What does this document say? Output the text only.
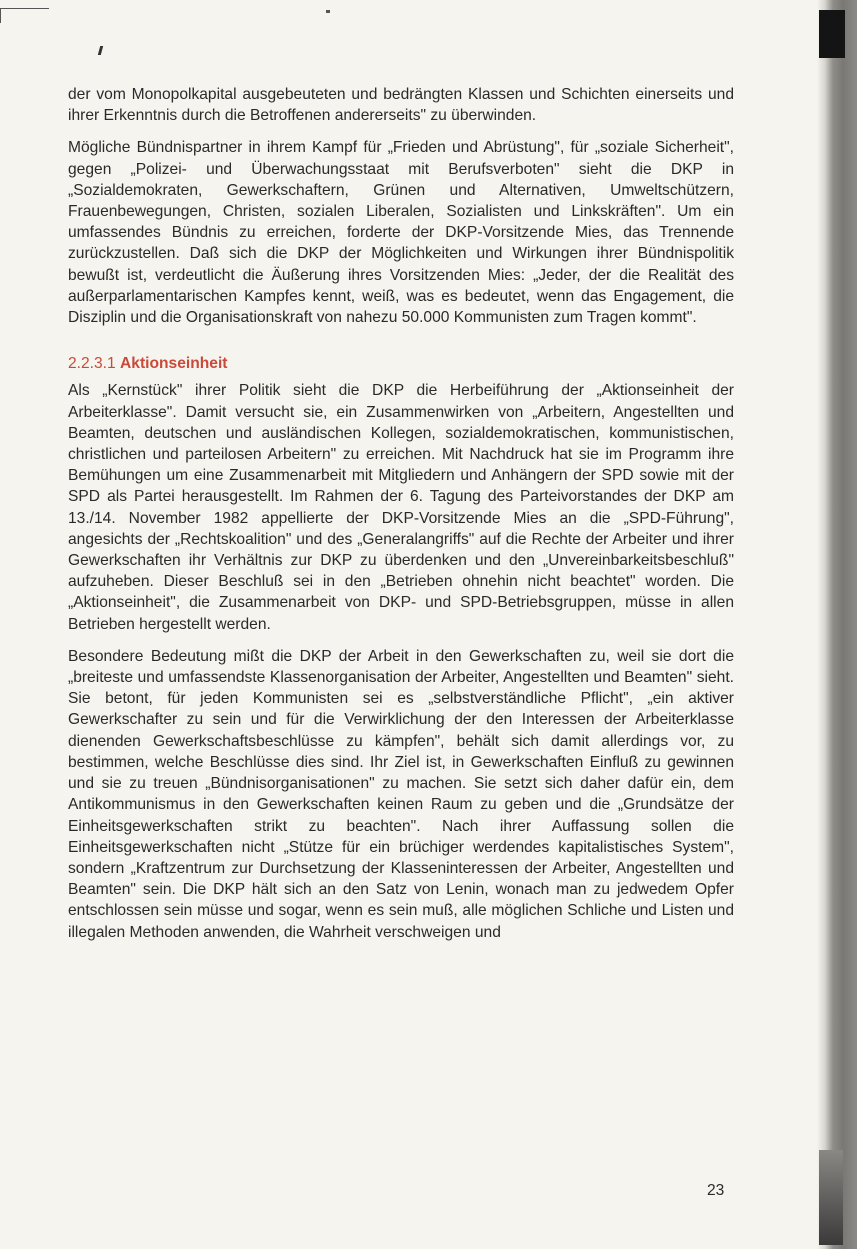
der vom Monopolkapital ausgebeuteten und bedrängten Klassen und Schichten einerseits und ihrer Erkenntnis durch die Betroffenen andererseits" zu überwinden.

Mögliche Bündnispartner in ihrem Kampf für „Frieden und Abrüstung", für „soziale Sicherheit", gegen „Polizei- und Überwachungsstaat mit Berufsverboten" sieht die DKP in „Sozialdemokraten, Gewerkschaftern, Grünen und Alternativen, Umweltschützern, Frauenbewegungen, Christen, sozialen Liberalen, Sozialisten und Linkskräften". Um ein umfassendes Bündnis zu erreichen, forderte der DKP-Vorsitzende Mies, das Trennende zurückzustellen. Daß sich die DKP der Möglichkeiten und Wirkungen ihrer Bündnispolitik bewußt ist, verdeutlicht die Äußerung ihres Vorsitzenden Mies: „Jeder, der die Realität des außerparlamentarischen Kampfes kennt, weiß, was es bedeutet, wenn das Engagement, die Disziplin und die Organisationskraft von nahezu 50.000 Kommunisten zum Tragen kommt".

2.2.3.1 Aktionseinheit

Als „Kernstück" ihrer Politik sieht die DKP die Herbeiführung der „Aktionseinheit der Arbeiterklasse". Damit versucht sie, ein Zusammenwirken von „Arbeitern, Angestellten und Beamten, deutschen und ausländischen Kollegen, sozialdemokratischen, kommunistischen, christlichen und parteilosen Arbeitern" zu erreichen. Mit Nachdruck hat sie im Programm ihre Bemühungen um eine Zusammenarbeit mit Mitgliedern und Anhängern der SPD sowie mit der SPD als Partei herausgestellt. Im Rahmen der 6. Tagung des Parteivorstandes der DKP am 13./14. November 1982 appellierte der DKP-Vorsitzende Mies an die „SPD-Führung", angesichts der „Rechtskoalition" und des „Generalangriffs" auf die Rechte der Arbeiter und ihrer Gewerkschaften ihr Verhältnis zur DKP zu überdenken und den „Unvereinbarkeitsbeschluß" aufzuheben. Dieser Beschluß sei in den „Betrieben ohnehin nicht beachtet" worden. Die „Aktionseinheit", die Zusammenarbeit von DKP- und SPD-Betriebsgruppen, müsse in allen Betrieben hergestellt werden.

Besondere Bedeutung mißt die DKP der Arbeit in den Gewerkschaften zu, weil sie dort die „breiteste und umfassendste Klassenorganisation der Arbeiter, Angestellten und Beamten" sieht. Sie betont, für jeden Kommunisten sei es „selbstverständliche Pflicht", „ein aktiver Gewerkschafter zu sein und für die Verwirklichung der den Interessen der Arbeiterklasse dienenden Gewerkschaftsbeschlüsse zu kämpfen", behält sich damit allerdings vor, zu bestimmen, welche Beschlüsse dies sind. Ihr Ziel ist, in Gewerkschaften Einfluß zu gewinnen und sie zu treuen „Bündnisorganisationen" zu machen. Sie setzt sich daher dafür ein, dem Antikommunismus in den Gewerkschaften keinen Raum zu geben und die „Grundsätze der Einheitsgewerkschaften strikt zu beachten". Nach ihrer Auffassung sollen die Einheitsgewerkschaften nicht „Stütze für ein brüchiger werdendes kapitalistisches System", sondern „Kraftzentrum zur Durchsetzung der Klasseninteressen der Arbeiter, Angestellten und Beamten" sein. Die DKP hält sich an den Satz von Lenin, wonach man zu jedwedem Opfer entschlossen sein müsse und sogar, wenn es sein muß, alle möglichen Schliche und Listen und illegalen Methoden anwenden, die Wahrheit verschweigen und

23
